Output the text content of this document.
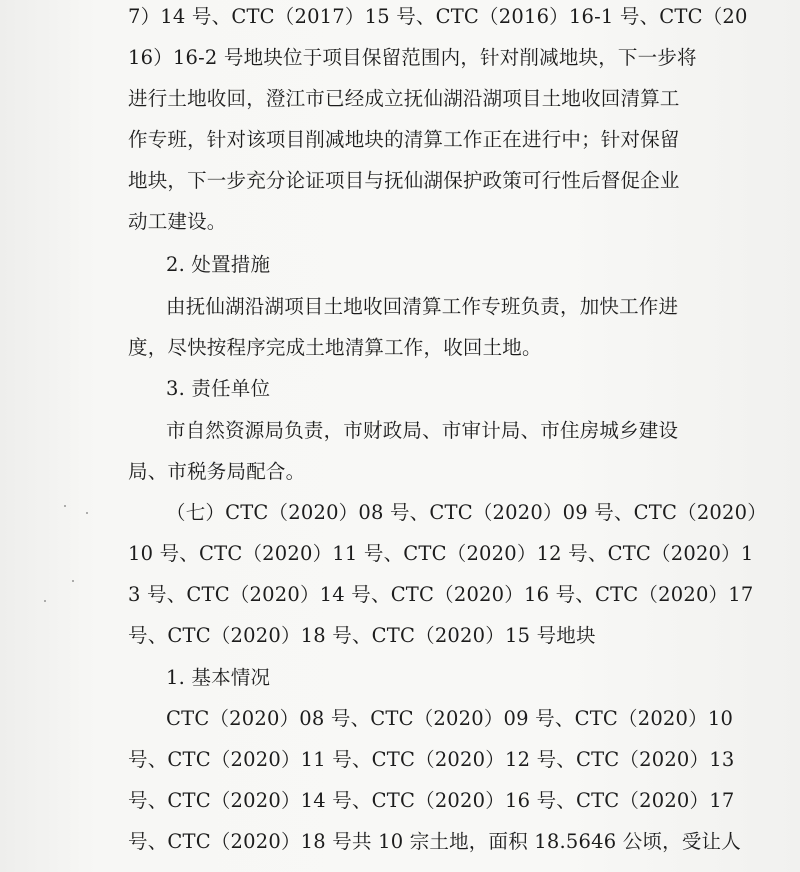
7）14 号、CTC（2017）15 号、CTC（2016）16-1 号、CTC（20
16）16-2 号地块位于项目保留范围内，针对削减地块，下一步将
进行土地收回，澄江市已经成立抚仙湖沿湖项目土地收回清算工
作专班，针对该项目削减地块的清算工作正在进行中；针对保留
地块，下一步充分论证项目与抚仙湖保护政策可行性后督促企业
动工建设。
2. 处置措施
由抚仙湖沿湖项目土地收回清算工作专班负责，加快工作进
度，尽快按程序完成土地清算工作，收回土地。
3. 责任单位
市自然资源局负责，市财政局、市审计局、市住房城乡建设
局、市税务局配合。
（七）CTC（2020）08 号、CTC（2020）09 号、CTC（2020）
10 号、CTC（2020）11 号、CTC（2020）12 号、CTC（2020）1
3 号、CTC（2020）14 号、CTC（2020）16 号、CTC（2020）17
号、CTC（2020）18 号、CTC（2020）15 号地块
1. 基本情况
CTC（2020）08 号、CTC（2020）09 号、CTC（2020）10
号、CTC（2020）11 号、CTC（2020）12 号、CTC（2020）13
号、CTC（2020）14 号、CTC（2020）16 号、CTC（2020）17
号、CTC（2020）18 号共 10 宗土地，面积 18.5646 公顷，受让人
